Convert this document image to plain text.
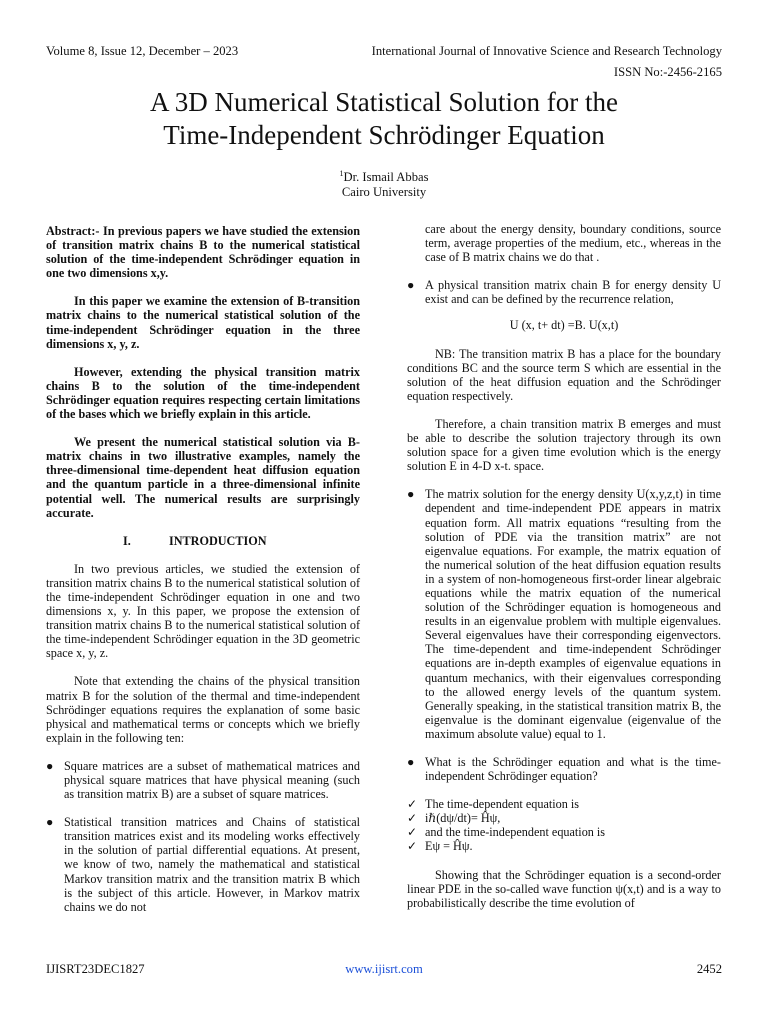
Volume 8, Issue 12, December – 2023	International Journal of Innovative Science and Research Technology
ISSN No:-2456-2165
A 3D Numerical Statistical Solution for the
Time-Independent Schrödinger Equation
$^1$Dr. Ismail Abbas
Cairo University

Abstract:- In previous papers we have studied the extension of transition matrix chains B to the numerical statistical solution of the time-independent Schrödinger equation in one two dimensions x,y.

In this paper we examine the extension of B-transition matrix chains to the numerical statistical solution of the time-independent Schrödinger equation in the three dimensions x, y, z.

However, extending the physical transition matrix chains B to the solution of the time-independent Schrödinger equation requires respecting certain limitations of the bases which we briefly explain in this article.

We present the numerical statistical solution via B-matrix chains in two illustrative examples, namely the three-dimensional time-dependent heat diffusion equation and the quantum particle in a three-dimensional infinite potential well. The numerical results are surprisingly accurate.

I.	INTRODUCTION

In two previous articles, we studied the extension of transition matrix chains B to the numerical statistical solution of the time-independent Schrödinger equation in one and two dimensions x, y. In this paper, we propose the extension of transition matrix chains B to the numerical statistical solution of the time-independent Schrödinger equation in the 3D geometric space x, y, z.

Note that extending the chains of the physical transition matrix B for the solution of the thermal and time-independent Schrödinger equations requires the explanation of some basic physical and mathematical terms or concepts which we briefly explain in the following ten:

● Square matrices are a subset of mathematical matrices and physical square matrices that have physical meaning (such as transition matrix B) are a subset of square matrices.

● Statistical transition matrices and Chains of statistical transition matrices exist and its modeling works effectively in the solution of partial differential equations. At present, we know of two, namely the mathematical and statistical Markov transition matrix and the transition matrix B which is the subject of this article. However, in Markov matrix chains we do not

care about the energy density, boundary conditions, source term, average properties of the medium, etc., whereas in the case of B matrix chains we do that .

● A physical transition matrix chain B for energy density U exist and can be defined by the recurrence relation,

U (x, t+ dt) =B. U(x,t)

NB: The transition matrix B has a place for the boundary conditions BC and the source term S which are essential in the solution of the heat diffusion equation and the Schrödinger equation respectively.

Therefore, a chain transition matrix B emerges and must be able to describe the solution trajectory through its own solution space for a given time evolution which is the energy solution E in 4-D x-t. space.

● The matrix solution for the energy density U(x,y,z,t) in time dependent and time-independent PDE appears in matrix equation form. All matrix equations “resulting from the solution of PDE via the transition matrix” are not eigenvalue equations. For example, the matrix equation of the numerical solution of the heat diffusion equation results in a system of non-homogeneous first-order linear algebraic equations while the matrix equation of the numerical solution of the Schrödinger equation is homogeneous and results in an eigenvalue problem with multiple eigenvalues. Several eigenvalues have their corresponding eigenvectors. The time-dependent and time-independent Schrödinger equations are in-depth examples of eigenvalue equations in quantum mechanics, with their eigenvalues corresponding to the allowed energy levels of the quantum system. Generally speaking, in the statistical transition matrix B, the eigenvalue is the dominant eigenvalue (eigenvalue of the maximum absolute value) equal to 1.

● What is the Schrödinger equation and what is the time-independent Schrödinger equation?

✓ The time-dependent equation is
✓ iℏ(dψ/dt)= Ĥψ,
✓ and the time-independent equation is
✓ Eψ = Ĥψ.

Showing that the Schrödinger equation is a second-order linear PDE in the so-called wave function ψ(x,t) and is a way to probabilistically describe the time evolution of

IJISRT23DEC1827	www.ijisrt.com	2452
